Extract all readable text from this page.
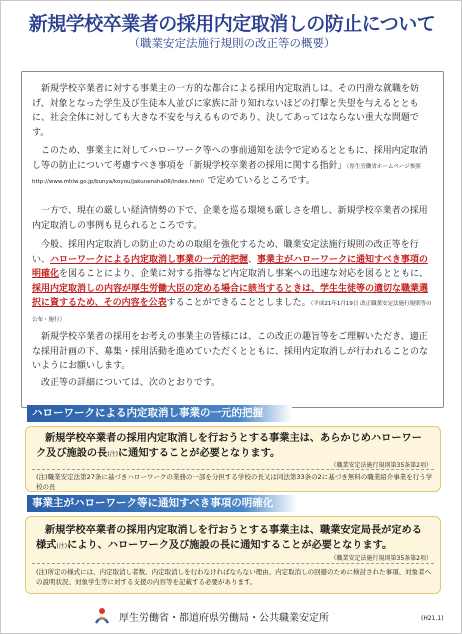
新規学校卒業者の採用内定取消しの防止について
（職業安定法施行規則の改正等の概要）

新規学校卒業者に対する事業主の一方的な都合による採用内定取消しは、その円滑な就職を妨げ、対象となった学生及び生徒本人並びに家族に計り知れないほどの打撃と失望を与えるとともに、社会全体に対しても大きな不安を与えるものであり、決してあってはならない重大な問題です。

このため、事業主に対してハローワーク等への事前通知を法令で定めるとともに、採用内定取消し等の防止について考慮すべき事項を「新規学校卒業者の採用に関する指針」（厚生労働省ホームページ参照 http://www.mhlw.go.jp/bunya/koyou/jakunensha06/index.html）で定めているところです。

一方で、現在の厳しい経済情勢の下で、企業を巡る環境も厳しさを増し、新規学校卒業者の採用内定取消しの事例も見られるところです。

今般、採用内定取消しの防止のための取組を強化するため、職業安定法施行規則の改正等を行い、ハローワークによる内定取消し事業の一元的把握、事業主がハローワークに通知すべき事項の明確化を図ることにより、企業に対する指導など内定取消し事案への迅速な対応を図るとともに、採用内定取消しの内容が厚生労働大臣の定める場合に該当するときは、学生生徒等の適切な職業選択に資するため、その内容を公表することができることとしました。（平成21年1月19日 改正職業安定法施行規則等の公布・施行）

新規学校卒業者の採用をお考えの事業主の皆様には、この改正の趣旨等をご理解いただき、適正な採用計画の下、募集・採用活動を進めていただくとともに、採用内定取消しが行われることのないようにお願いします。

改正等の詳細については、次のとおりです。

ハローワークによる内定取消し事業の一元的把握
新規学校卒業者の採用内定取消しを行おうとする事業主は、あらかじめハローワーク及び施設の長(注)に通知することが必要となります。
（職業安定法施行規則第35条第2項）
(注)職業安定法第27条に基づきハローワークの業務の一部を分担する学校の長又は同法第33条の2に基づき無料の職業紹介事業を行う学校の長
事業主がハローワーク等に通知すべき事項の明確化
新規学校卒業者の採用内定取消しを行おうとする事業主は、職業安定局長が定める様式(注)により、ハローワーク及び施設の長に通知することが必要となります。
（職業安定法施行規則第35条第2項）
(注)所定の様式には、内定取消し者数、内定取消しを行わなければならない理由、内定取消しの回避のために検討された事項、対象者への説明状況、対象学生等に対する支援の内容等を記載する必要があります。
厚生労働省・都道府県労働局・公共職業安定所	(H21.1)
